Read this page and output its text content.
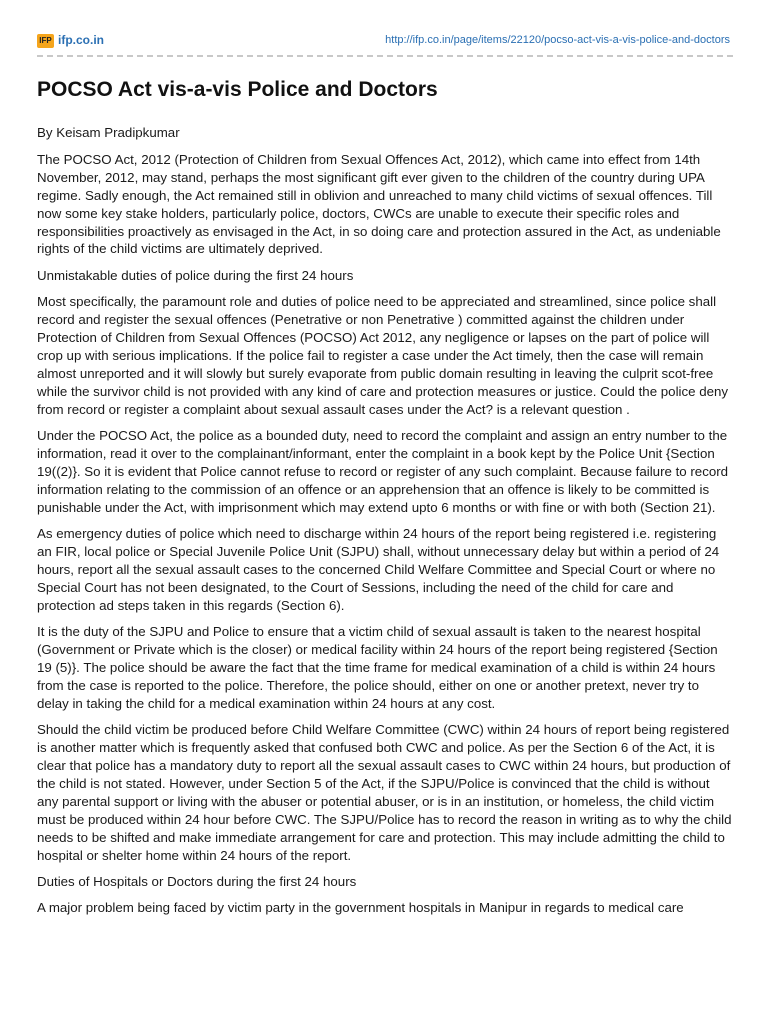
IFP ifp.co.in	http://ifp.co.in/page/items/22120/pocso-act-vis-a-vis-police-and-doctors
POCSO Act vis-a-vis Police and Doctors

By Keisam Pradipkumar

The POCSO Act, 2012 (Protection of Children from Sexual Offences Act, 2012), which came into effect from 14th November, 2012, may stand, perhaps the most significant gift ever given to the children of the country during UPA regime. Sadly enough, the Act remained still in oblivion and unreached to many child victims of sexual offences. Till now some key stake holders, particularly police, doctors, CWCs are unable to execute their specific roles and responsibilities proactively as envisaged in the Act, in so doing care and protection assured in the Act, as undeniable rights of the child victims are ultimately deprived.

Unmistakable duties of police during the first 24 hours

Most specifically, the paramount role and duties of police need to be appreciated and streamlined, since police shall record and register the sexual offences (Penetrative or non Penetrative ) committed against the children under Protection of Children from Sexual Offences (POCSO) Act 2012, any negligence or lapses on the part of police will crop up with serious implications. If the police fail to register a case under the Act timely, then the case will remain almost unreported and it will slowly but surely evaporate from public domain resulting in leaving the culprit scot-free while the survivor child is not provided with any kind of care and protection measures or justice. Could the police deny from record or register a complaint about sexual assault cases under the Act? is a relevant question .

Under the POCSO Act, the police as a bounded duty, need to record the complaint and assign an entry number to the information, read it over to the complainant/informant, enter the complaint in a book kept by the Police Unit {Section 19((2)}. So it is evident that Police cannot refuse to record or register of any such complaint. Because failure to record information relating to the commission of an offence or an apprehension that an offence is likely to be committed is punishable under the Act, with imprisonment which may extend upto 6 months or with fine or with both (Section 21).

As emergency duties of police which need to discharge within 24 hours of the report being registered i.e. registering an FIR, local police or Special Juvenile Police Unit (SJPU) shall, without unnecessary delay but within a period of 24 hours, report all the sexual assault cases to the concerned Child Welfare Committee and Special Court or where no Special Court has not been designated, to the Court of Sessions, including the need of the child for care and protection ad steps taken in this regards (Section 6).

It is the duty of the SJPU and Police to ensure that a victim child of sexual assault is taken to the nearest hospital (Government or Private which is the closer) or medical facility within 24 hours of the report being registered {Section 19 (5)}. The police should be aware the fact that the time frame for medical examination of a child is within 24 hours from the case is reported to the police. Therefore, the police should, either on one or another pretext, never try to delay in taking the child for a medical examination within 24 hours at any cost.

Should the child victim be produced before Child Welfare Committee (CWC) within 24 hours of report being registered is another matter which is frequently asked that confused both CWC and police. As per the Section 6 of the Act, it is clear that police has a mandatory duty to report all the sexual assault cases to CWC within 24 hours, but production of the child is not stated. However, under Section 5 of the Act, if the SJPU/Police is convinced that the child is without any parental support or living with the abuser or potential abuser, or is in an institution, or homeless, the child victim must be produced within 24 hour before CWC. The SJPU/Police has to record the reason in writing as to why the child needs to be shifted and make immediate arrangement for care and protection. This may include admitting the child to hospital or shelter home within 24 hours of the report.

Duties of Hospitals or Doctors during the first 24 hours

A major problem being faced by victim party in the government hospitals in Manipur in regards to medical care
